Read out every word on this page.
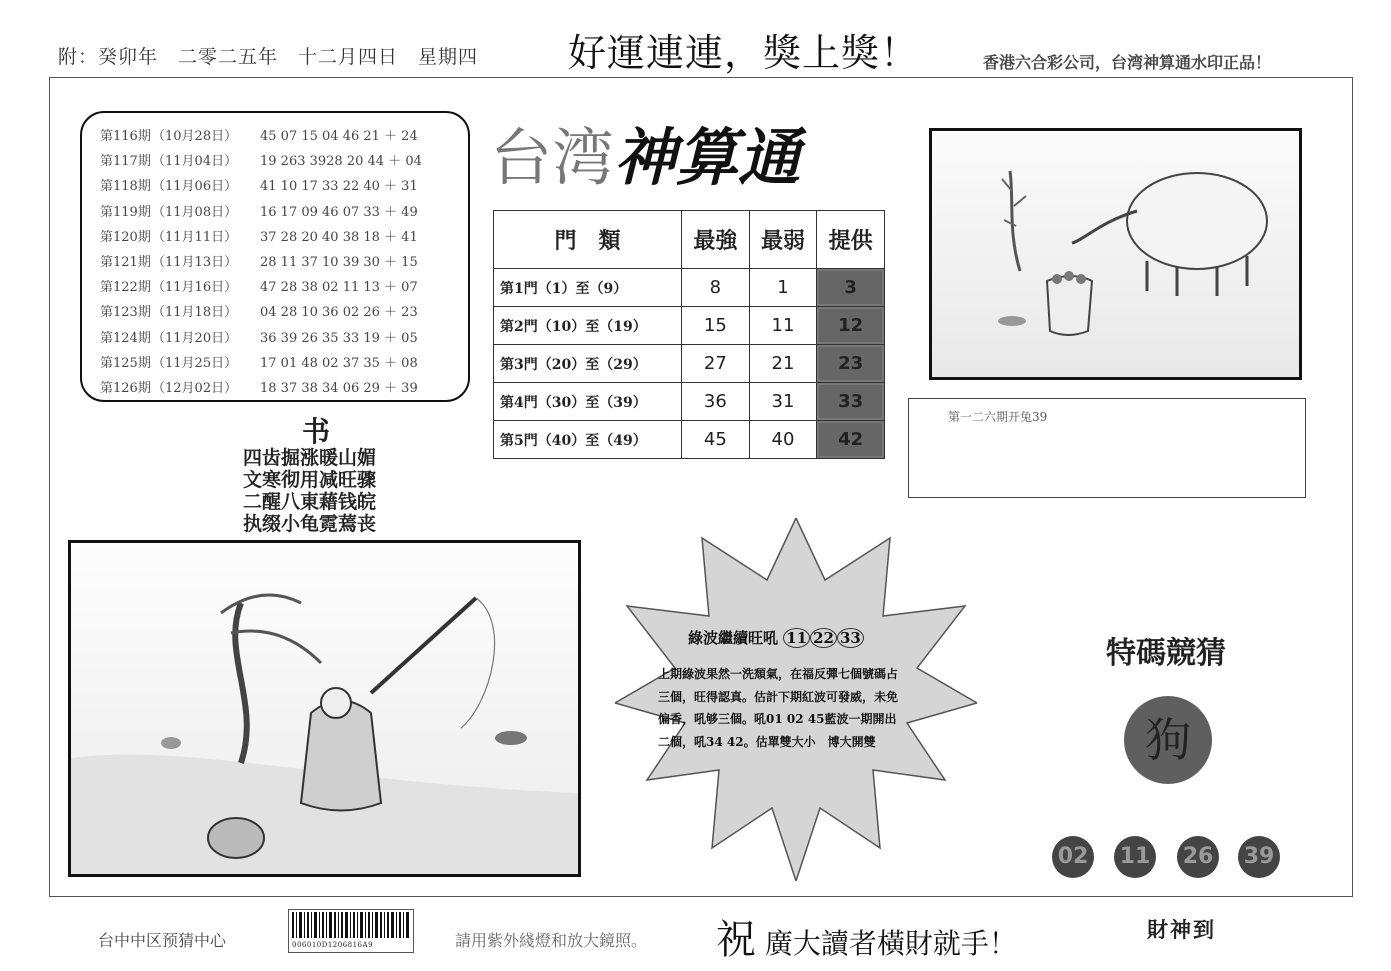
附：癸卯年　二零二五年　十二月四日　星期四 好運連連，獎上獎！	香港六合彩公司，台湾神算通水印正品！
第116期（10月28日） 45 07 15 04 46 21 ＋ 24
第117期（11月04日） 19 263 3928 20 44 ＋ 04
第118期（11月06日） 41 10 17 33 22 40 ＋ 31
第119期（11月08日） 16 17 09 46 07 33 ＋ 49
第120期（11月11日） 37 28 20 40 38 18 ＋ 41
第121期（11月13日） 28 11 37 10 39 30 ＋ 15
第122期（11月16日） 47 28 38 02 11 13 ＋ 07
第123期（11月18日） 04 28 10 36 02 26 ＋ 23
第124期（11月20日） 36 39 26 35 33 19 ＋ 05
第125期（11月25日） 17 01 48 02 37 35 ＋ 08
第126期（12月02日） 18 37 38 34 06 29 ＋ 39
书
四齿掘涨暖山媚
文寒彻用减旺骤
二醒八東藉钱皖
执缀小龟霓蔫丧
台湾神算通
門　類	最強	最弱	提供
第1門（1）至（9）	8	1	3
第2門（10）至（19）	15	11	12
第3門（20）至（29）	27	21	23
第4門（30）至（39）	36	31	33
第5門（40）至（49）	45	40	42
第一二六期开兔39
綠波繼續旺吼 11 22 33
上期綠波果然一洗頹氣，在福反彈七個號碼占
三個，旺得認真。估計下期紅波可發威，未免
偏香，吼够三個。吼01 02 45藍波一期開出
二個，吼34 42。估單雙大小　博大開雙
特碼競猜
狗
02 11 26 39
台中中区预猜中心	006010D1206816A9	請用紫外綫燈和放大鏡照。 祝 廣大讀者橫財就手！	財神到
